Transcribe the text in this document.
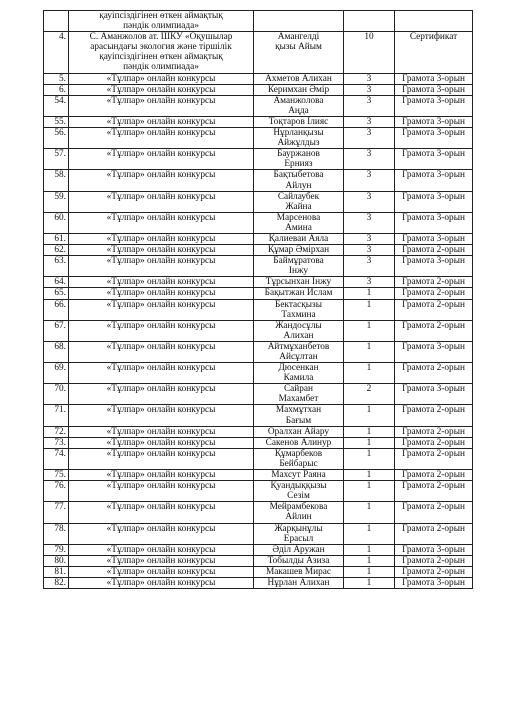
	қауіпсіздігінен өткен аймақтық
пәндік олимпиада»			

4.	С. Аманжолов ат. ШКУ «Оқушылар
арасындағы экология және тіршілік
қауіпсіздігінен өткен аймақтық
пәндік олимпиада»	Амангелді
қызы Айым	10	Сертификат
5.	«Тұлпар» онлайн конкурсы	Ахметов Алихан	3	Грамота 3-орын
6.	«Тұлпар» онлайн конкурсы	Керимхан Әмір	3	Грамота 3-орын
54.	«Тұлпар» онлайн конкурсы	Аманжолова
Аңда	3	Грамота 3-орын
55.	«Тұлпар» онлайн конкурсы	Тоқтаров Ілияс	3	Грамота 3-орын
56.	«Тұлпар» онлайн конкурсы	Нұрланқызы
Айжұлдыз	3	Грамота 3-орын
57.	«Тұлпар» онлайн конкурсы	Бауржанов
Ернияз	3	Грамота 3-орын
58.	«Тұлпар» онлайн конкурсы	Бақтыбетова
Айлун	3	Грамота 3-орын
59.	«Тұлпар» онлайн конкурсы	Сайлаубек
Жайна	3	Грамота 3-орын
60.	«Тұлпар» онлайн конкурсы	Марсенова
Амина	3	Грамота 3-орын
61.	«Тұлпар» онлайн конкурсы	Қалиеваи Аяла	3	Грамота 3-орын
62.	«Тұлпар» онлайн конкурсы	Құмар Әмірхан	3	Грамота 2-орын
63.	«Тұлпар» онлайн конкурсы	Баймұратова
Інжу	3	Грамота 3-орын
64.	«Тұлпар» онлайн конкурсы	Тұрсынхан Інжу	3	Грамота 2-орын
65.	«Тұлпар» онлайн конкурсы	Бақытжан Ислам	1	Грамота 2-орын
66.	«Тұлпар» онлайн конкурсы	Бектасқызы
Тахмина	1	Грамота 2-орын
67.	«Тұлпар» онлайн конкурсы	Жандосұлы
Алихан	1	Грамота 2-орын
68.	«Тұлпар» онлайн конкурсы	Айтмұханбетов
Айсұлтан	1	Грамота 3-орын
69.	«Тұлпар» онлайн конкурсы	Дюсенкан
Камила	1	Грамота 2-орын
70.	«Тұлпар» онлайн конкурсы	Сайран
Махамбет	2	Грамота 3-орын
71.	«Тұлпар» онлайн конкурсы	Махмұтхан
Бағым	1	Грамота 2-орын
72.	«Тұлпар» онлайн конкурсы	Оралхан Айару	1	Грамота 2-орын
73.	«Тұлпар» онлайн конкурсы	Сакенов Алинур	1	Грамота 2-орын
74.	«Тұлпар» онлайн конкурсы	Құмарбеков
Бейбарыс	1	Грамота 2-орын
75.	«Тұлпар» онлайн конкурсы	Махсут Раяна	1	Грамота 2-орын
76.	«Тұлпар» онлайн конкурсы	Қуандыққызы
Сезім	1	Грамота 2-орын
77.	«Тұлпар» онлайн конкурсы	Мейрамбекова
Айлин	1	Грамота 2-орын
78.	«Тұлпар» онлайн конкурсы	Жарқынұлы
Ерасыл	1	Грамота 2-орын
79.	«Тұлпар» онлайн конкурсы	Әділ Аружан	1	Грамота 3-орын
80.	«Тұлпар» онлайн конкурсы	Тобылды Азиза	1	Грамота 2-орын
81.	«Тұлпар» онлайн конкурсы	Макашев Мирас	1	Грамота 2-орын
82.	«Тұлпар» онлайн конкурсы	Нұрлан Алихан	1	Грамота 3-орын
